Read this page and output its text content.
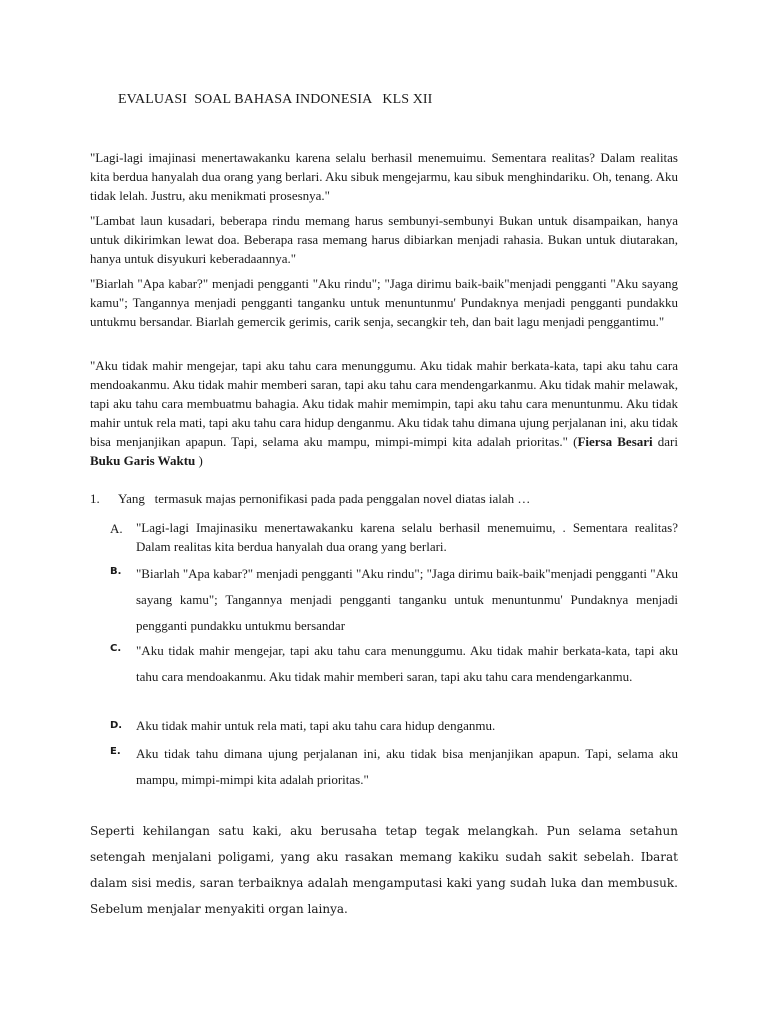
EVALUASI  SOAL BAHASA INDONESIA   KLS XII
"Lagi-lagi imajinasi menertawakanku karena selalu berhasil menemuimu. Sementara realitas? Dalam realitas kita berdua hanyalah dua orang yang berlari. Aku sibuk mengejarmu, kau sibuk menghindariku. Oh, tenang. Aku tidak lelah. Justru, aku menikmati prosesnya."
"Lambat laun kusadari, beberapa rindu memang harus sembunyi-sembunyi Bukan untuk disampaikan, hanya untuk dikirimkan lewat doa. Beberapa rasa memang harus dibiarkan menjadi rahasia. Bukan untuk diutarakan, hanya untuk disyukuri keberadaannya."
"Biarlah "Apa kabar?" menjadi pengganti "Aku rindu"; "Jaga dirimu baik-baik"menjadi pengganti "Aku sayang kamu"; Tangannya menjadi pengganti tanganku untuk menuntunmu' Pundaknya menjadi pengganti pundakku untukmu bersandar. Biarlah gemercik gerimis, carik senja, secangkir teh, dan bait lagu menjadi penggantimu."
"Aku tidak mahir mengejar, tapi aku tahu cara menunggumu. Aku tidak mahir berkata-kata, tapi aku tahu cara mendoakanmu. Aku tidak mahir memberi saran, tapi aku tahu cara mendengarkanmu. Aku tidak mahir melawak, tapi aku tahu cara membuatmu bahagia. Aku tidak mahir memimpin, tapi aku tahu cara menuntunmu. Aku tidak mahir untuk rela mati, tapi aku tahu cara hidup denganmu. Aku tidak tahu dimana ujung perjalanan ini, aku tidak bisa menjanjikan apapun. Tapi, selama aku mampu, mimpi-mimpi kita adalah prioritas." (Fiersa Besari dari Buku Garis Waktu )
1. Yang   termasuk majas pernonifikasi pada pada penggalan novel diatas ialah …
A.	"Lagi-lagi Imajinasiku menertawakanku karena selalu berhasil menemuimu, . Sementara realitas? Dalam realitas kita berdua hanyalah dua orang yang berlari.
B.	"Biarlah "Apa kabar?" menjadi pengganti "Aku rindu"; "Jaga dirimu baik-baik"menjadi pengganti "Aku sayang kamu"; Tangannya menjadi pengganti tanganku untuk menuntunmu' Pundaknya menjadi pengganti pundakku untukmu bersandar
C.	"Aku tidak mahir mengejar, tapi aku tahu cara menunggumu. Aku tidak mahir berkata-kata, tapi aku tahu cara mendoakanmu. Aku tidak mahir memberi saran, tapi aku tahu cara mendengarkanmu.
D.	Aku tidak mahir untuk rela mati, tapi aku tahu cara hidup denganmu.
E.	Aku tidak tahu dimana ujung perjalanan ini, aku tidak bisa menjanjikan apapun. Tapi, selama aku mampu, mimpi-mimpi kita adalah prioritas."
Seperti kehilangan satu kaki, aku berusaha tetap tegak melangkah. Pun selama setahun setengah menjalani poligami, yang aku rasakan memang kakiku sudah sakit sebelah. Ibarat dalam sisi medis, saran terbaiknya adalah mengamputasi kaki yang sudah luka dan membusuk. Sebelum menjalar menyakiti organ lainya.
